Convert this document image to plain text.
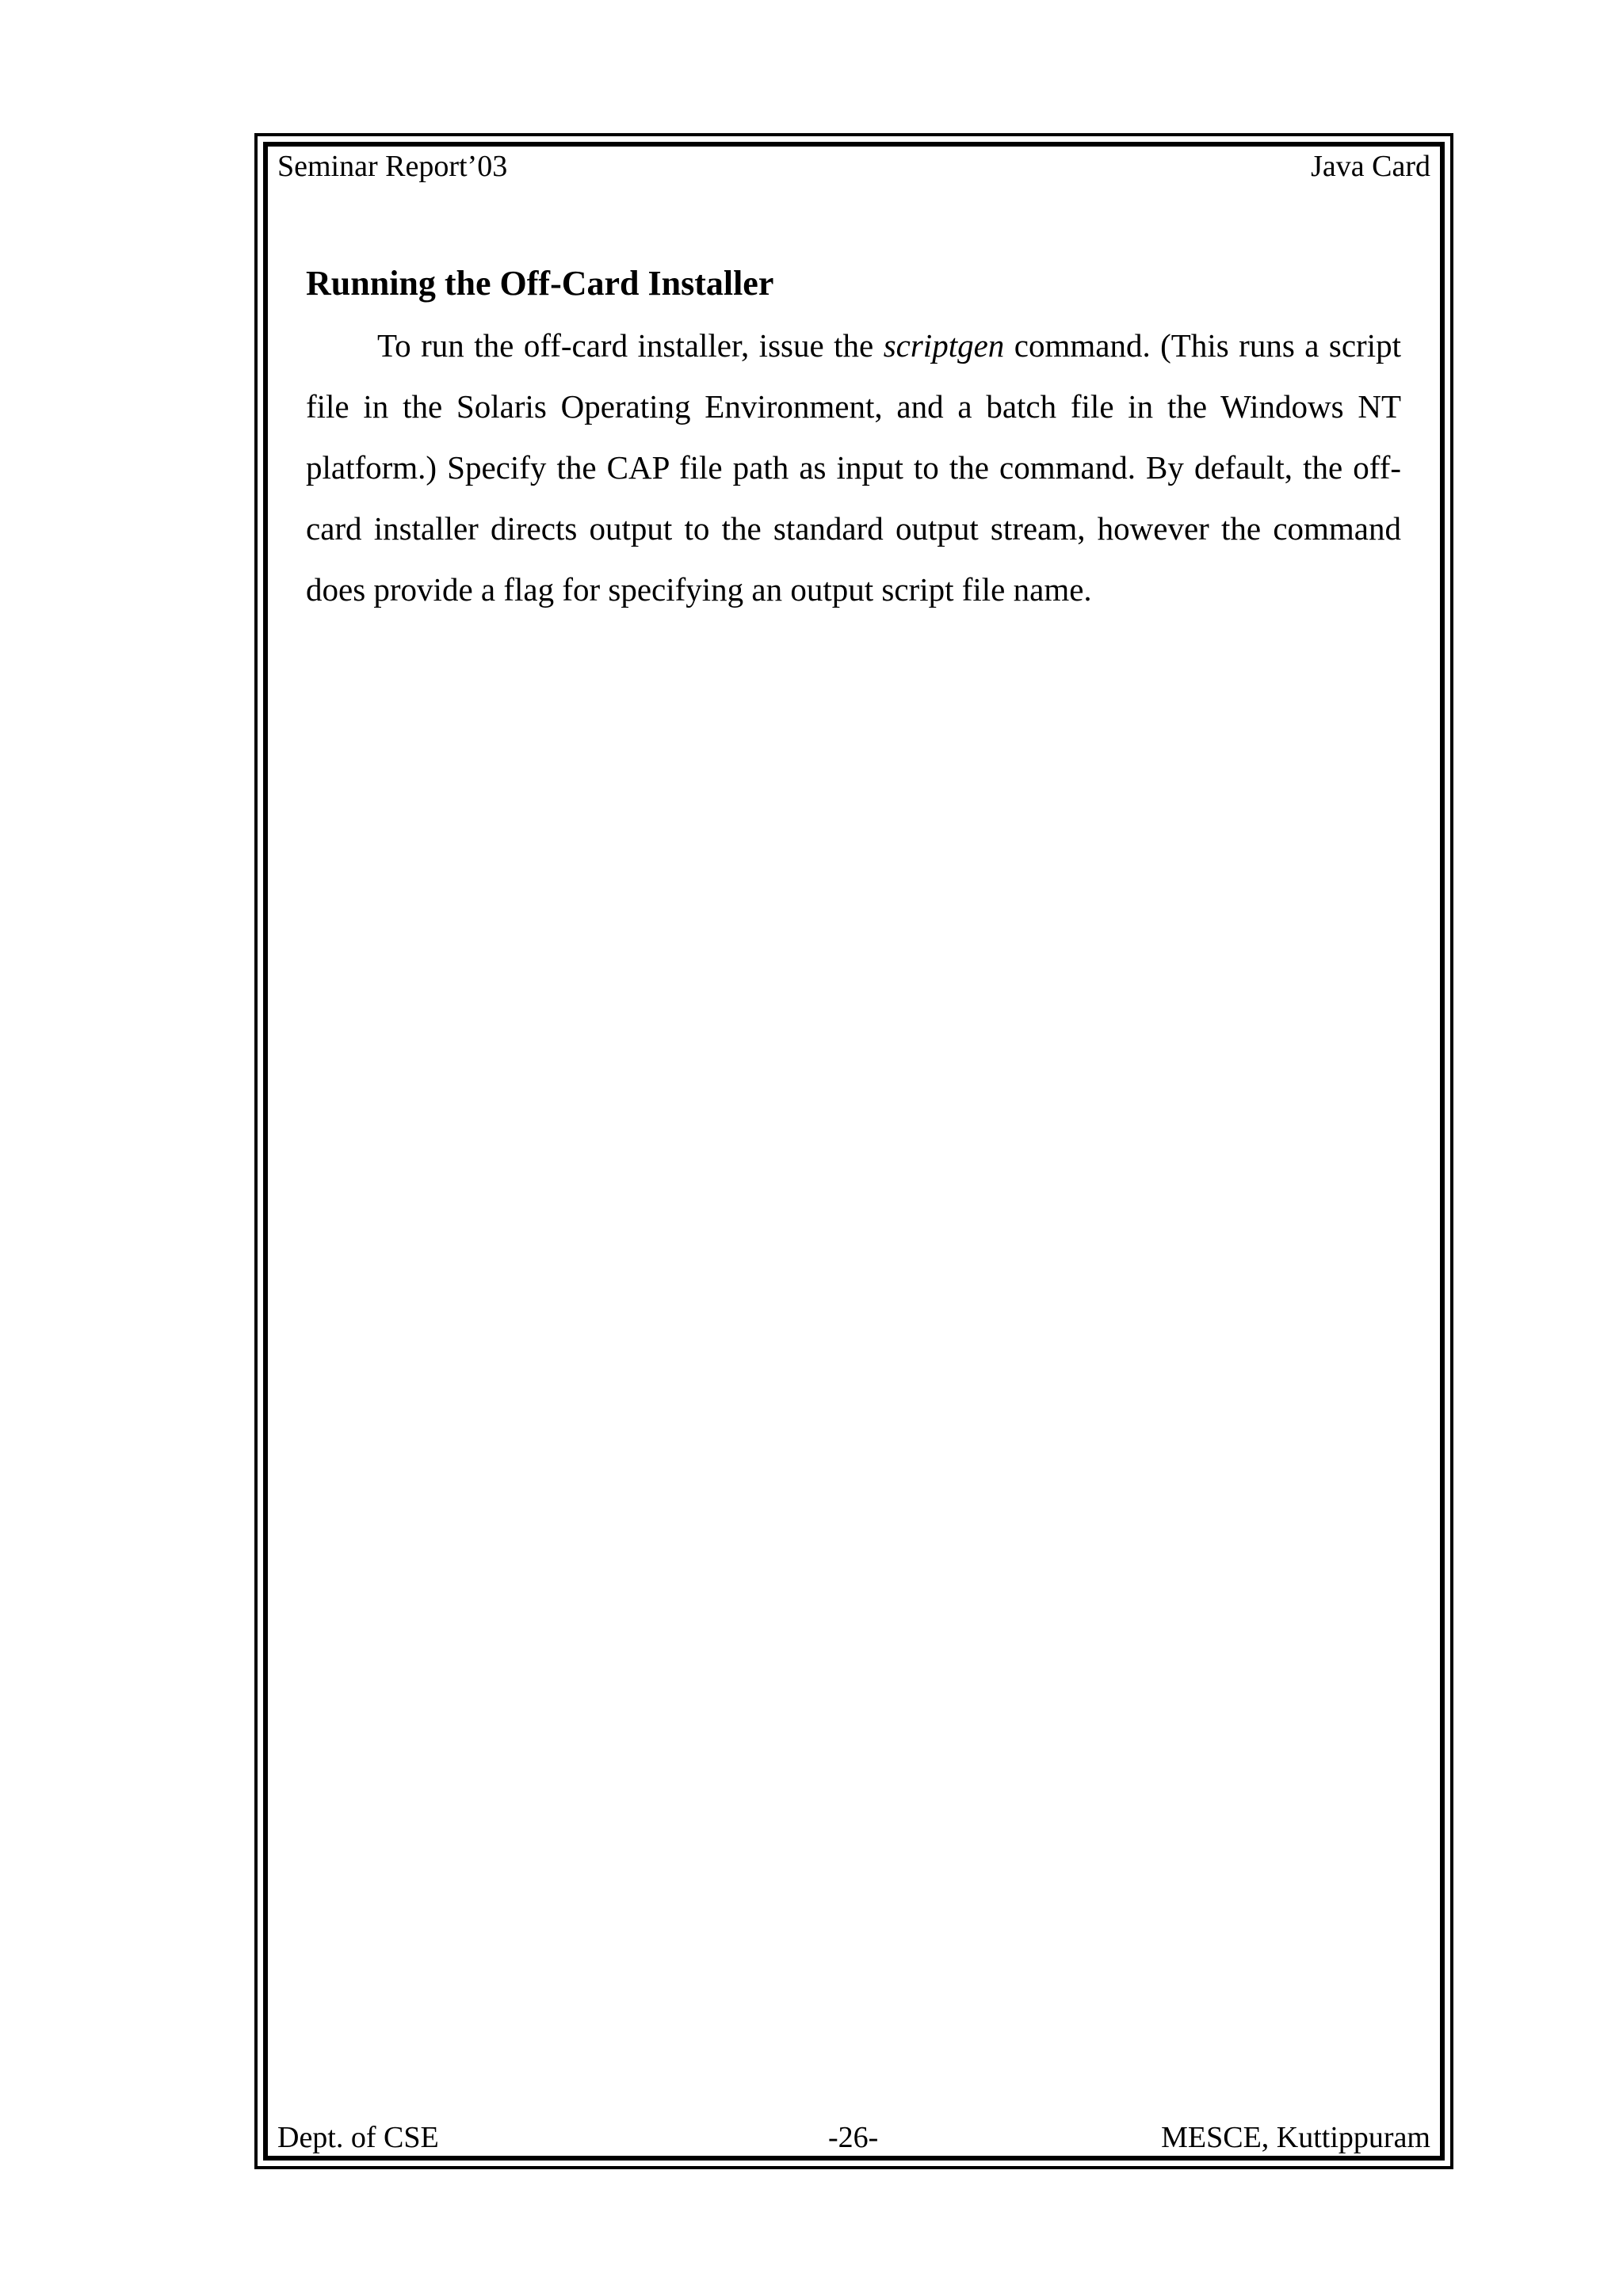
Seminar Report’03	Java Card
Running the Off-Card Installer

To run the off-card installer, issue the scriptgen command. (This runs a script file in the Solaris Operating Environment, and a batch file in the Windows NT platform.) Specify the CAP file path as input to the command. By default, the off-card installer directs output to the standard output stream, however the command does provide a flag for specifying an output script file name.

Dept. of CSE	-26-	MESCE, Kuttippuram
